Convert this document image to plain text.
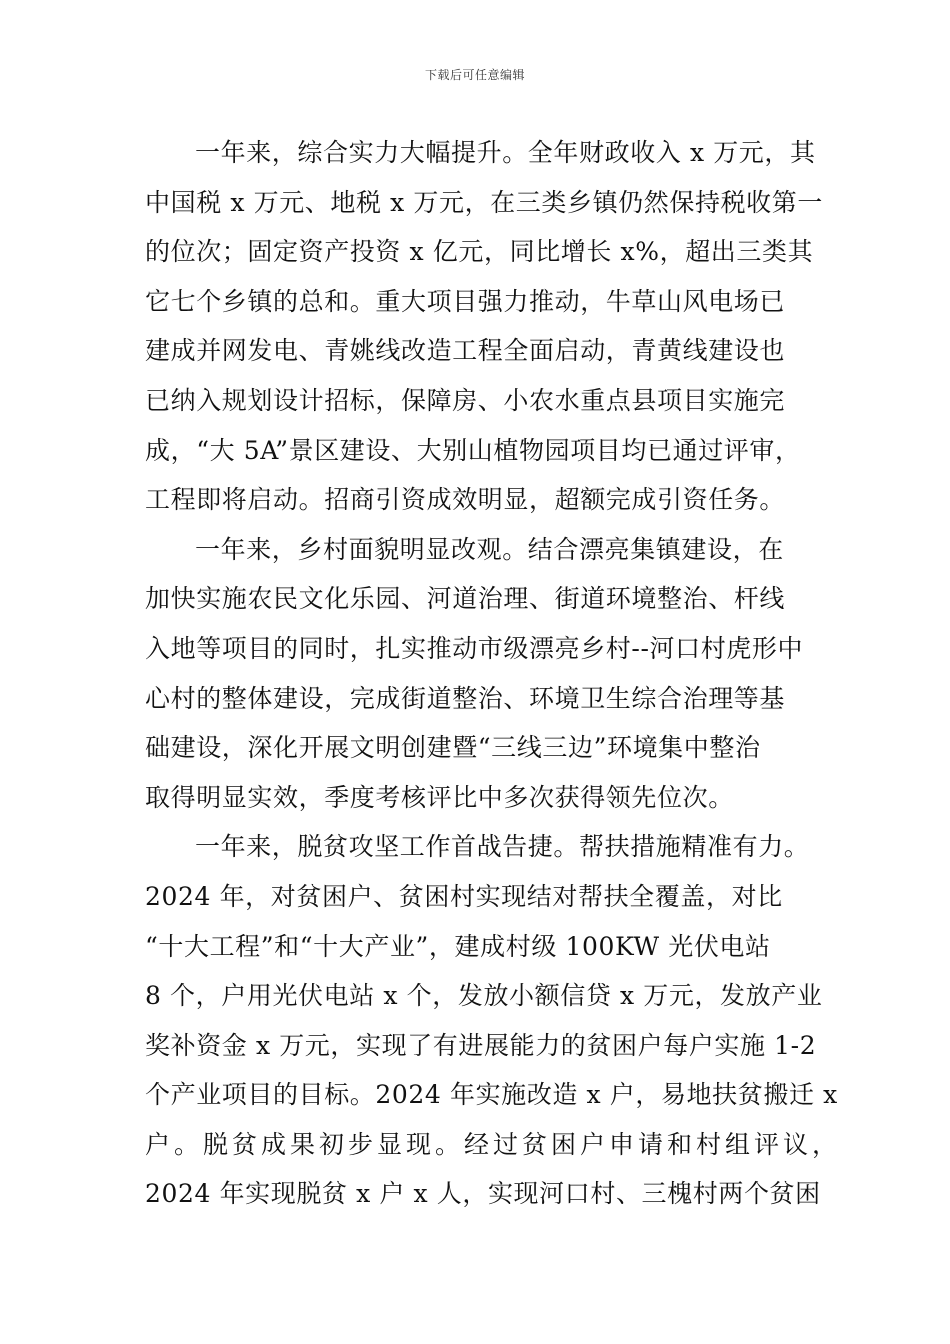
下载后可任意编辑
一年来，综合实力大幅提升。全年财政收入 x 万元，其
中国税 x 万元、地税 x 万元，在三类乡镇仍然保持税收第一
的位次；固定资产投资 x 亿元，同比增长 x%，超出三类其
它七个乡镇的总和。重大项目强力推动，牛草山风电场已
建成并网发电、青姚线改造工程全面启动，青黄线建设也
已纳入规划设计招标，保障房、小农水重点县项目实施完
成，“大 5A”景区建设、大别山植物园项目均已通过评审，
工程即将启动。招商引资成效明显，超额完成引资任务。
一年来，乡村面貌明显改观。结合漂亮集镇建设，在
加快实施农民文化乐园、河道治理、街道环境整治、杆线
入地等项目的同时，扎实推动市级漂亮乡村--河口村虎形中
心村的整体建设，完成街道整治、环境卫生综合治理等基
础建设，深化开展文明创建暨“三线三边”环境集中整治
取得明显实效，季度考核评比中多次获得领先位次。
一年来，脱贫攻坚工作首战告捷。帮扶措施精准有力。
2024 年，对贫困户、贫困村实现结对帮扶全覆盖，对比
“十大工程”和“十大产业”，建成村级 100KW 光伏电站
8 个，户用光伏电站 x 个，发放小额信贷 x 万元，发放产业
奖补资金 x 万元，实现了有进展能力的贫困户每户实施 1-2
个产业项目的目标。2024 年实施改造 x 户，易地扶贫搬迁 x
户。脱贫成果初步显现。经过贫困户申请和村组评议，
2024 年实现脱贫 x 户 x 人，实现河口村、三槐村两个贫困
